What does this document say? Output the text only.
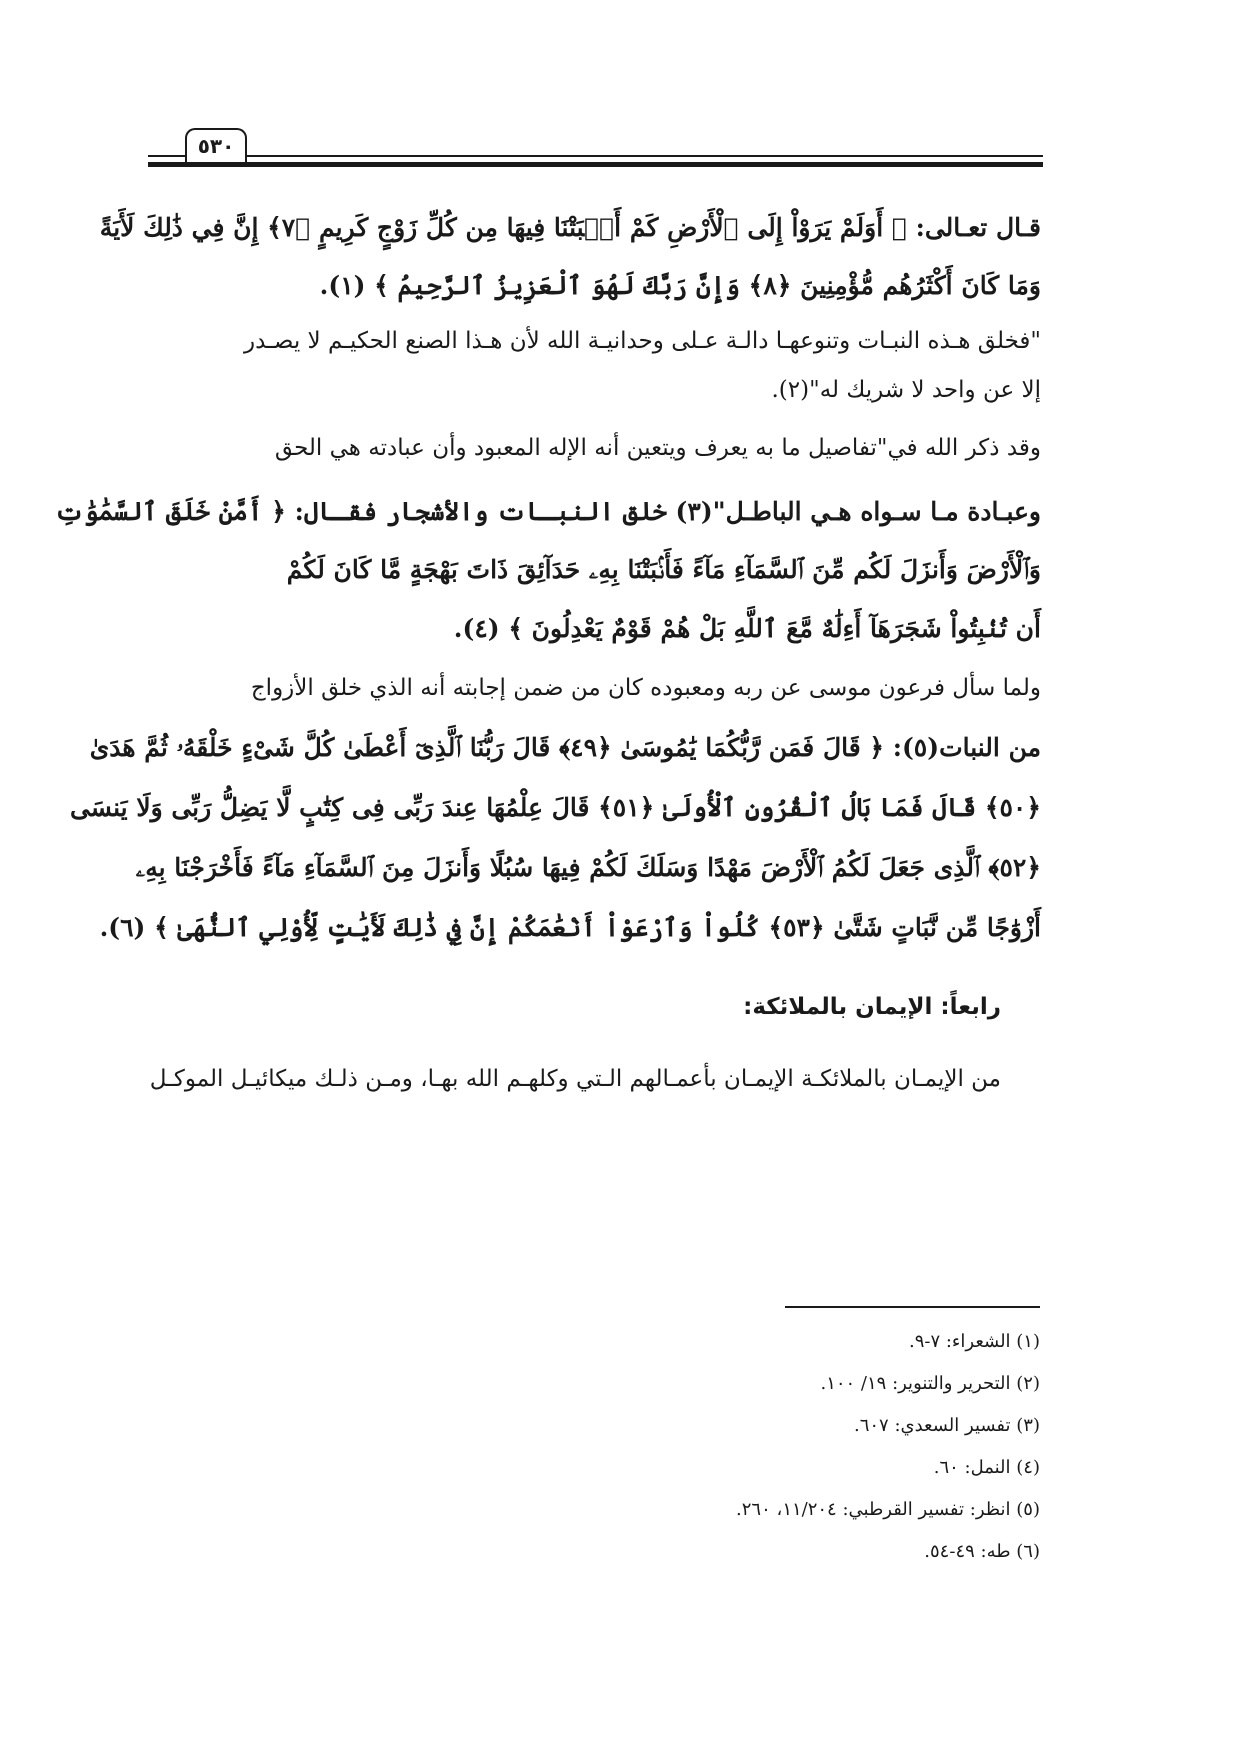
٥٣٠
قـال تعـالى: ﴿ أَوَلَمْ يَرَوْاْ إِلَى ٱلْأَرْضِ كَمْ أَنۢبَتْنَا فِيهَا مِن كُلِّ زَوْجٍ كَرِيمٍ ﴿٧﴾ إِنَّ فِي ذَٰلِكَ لَأَيَةً
وَمَا كَانَ أَكْثَرُهُم مُّؤْمِنِينَ ﴿٨﴾ وَإِنَّ رَبَّكَ لَهُوَ ٱلْعَزِيزُ ٱلرَّحِيمُ ﴾ (١).
"فخلق هـذه النبـات وتنوعهـا دالـة عـلى وحدانيـة الله لأن هـذا الصنع الحكيـم لا يصـدر
إلا عن واحد لا شريك له"(٢).
وقد ذكر الله في"تفاصيل ما به يعرف ويتعين أنه الإله المعبود وأن عبادته هي الحق
وعبـادة مـا سـواه هـي الباطـل"(٣) خلق النبـات والأشجار فقـال: ﴿ أَمَّنْ خَلَقَ ٱلسَّمَٰوَٰتِ
وَٱلْأَرْضَ وَأَنزَلَ لَكُم مِّنَ ٱلسَّمَآءِ مَآءً فَأَنۢبَتْنَا بِهِۦ حَدَآئِقَ ذَاتَ بَهْجَةٍ مَّا كَانَ لَكُمْ
أَن تُنۢبِتُواْ شَجَرَهَآ أَءِلَٰهٌ مَّعَ ٱللَّهِ بَلْ هُمْ قَوْمٌ يَعْدِلُونَ ﴾ (٤).
ولما سأل فرعون موسى عن ربه ومعبوده كان من ضمن إجابته أنه الذي خلق الأزواج
من النبات(٥): ﴿ قَالَ فَمَن رَّبُّكُمَا يَٰمُوسَىٰ ﴿٤٩﴾ قَالَ رَبُّنَا ٱلَّذِىٓ أَعْطَىٰ كُلَّ شَىْءٍ خَلْقَهُۥ ثُمَّ هَدَىٰ
﴿٥٠﴾ قَالَ فَمَا بَالُ ٱلْقُرُونِ ٱلْأُولَىٰ ﴿٥١﴾ قَالَ عِلْمُهَا عِندَ رَبِّى فِى كِتَٰبٍ لَّا يَضِلُّ رَبِّى وَلَا يَنسَى
﴿٥٢﴾ ٱلَّذِى جَعَلَ لَكُمُ ٱلْأَرْضَ مَهْدًا وَسَلَكَ لَكُمْ فِيهَا سُبُلًا وَأَنزَلَ مِنَ ٱلسَّمَآءِ مَآءً فَأَخْرَجْنَا بِهِۦ
أَزْوَٰجًا مِّن نَّبَاتٍ شَتَّىٰ ﴿٥٣﴾ كُلُواْ وَٱرْعَوْاْ أَنْعَٰمَكُمْ إِنَّ فِي ذَٰلِكَ لَأَيَٰتٍ لِّأُوْلِي ٱلنُّهَىٰ ﴾ (٦).
رابعاً: الإيمان بالملائكة:
من الإيمـان بالملائكـة الإيمـان بأعمـالهم الـتي وكلهـم الله بهـا، ومـن ذلـك ميكائيـل الموكـل
(١) الشعراء: ٧-٩.
(٢) التحرير والتنوير: ١٩/ ١٠٠.
(٣) تفسير السعدي: ٦٠٧.
(٤) النمل: ٦٠.
(٥) انظر: تفسير القرطبي: ١١/٢٠٤، ٢٦٠.
(٦) طه: ٤٩-٥٤.
